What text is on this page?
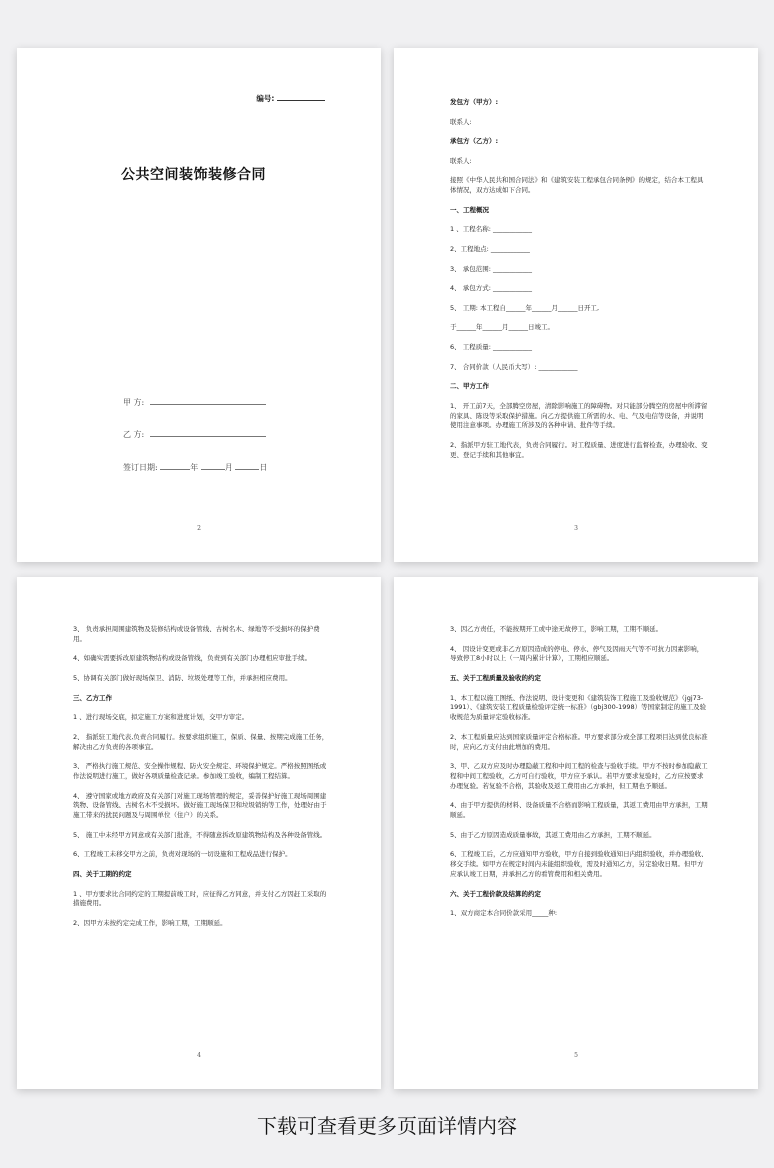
编号:
公共空间装饰装修合同
甲 方:
乙 方:
签订日期:	年	月	日
2

发包方（甲方）:

联系人:

承包方（乙方）:

联系人:

接照《中华人民共和国合同法》和《建筑安装工程承包合同条例》的规定，结合本工程具体情况，双方达成如下合同。

一、工程概况

1 、工程名称: ____________

2、工程地点: ____________

3、 承包范围: ____________

4、 承包方式: ____________

5、 工期: 本工程自______年______月______日开工,

于______年______月______日竣工。

6、 工程质量: ____________

7、 合同价款（人民币大写）: ____________

二、甲方工作

1、 开工前7天，全部腾空房屋，清除影响施工的障碍物。对只能部分腾空的房屋中所滞留的家具、陈设等采取保护措施。向乙方提供施工所需的水、电、气及电信等设备，并说明使用注意事项。办理施工所涉及的各种申请、批件等手续。

2、指派甲方驻工地代表，负责合同履行。对工程质量、进度进行监督检查，办理验收、变更、登记手续和其他事宜。

3

3、 负责承担周围建筑物及装修结构或设备管线、古树名木、绿地等不受损坏的保护费用。

4、如确实需要拆改原建筑物结构或设备管线，负责到有关部门办理相应审批手续。

5、协调有关部门做好现场保卫、消防、垃圾处理等工作，并承担相应费用。

三、乙方工作

1 、进行现场交底，拟定施工方案和进度计划，交甲方审定。

2、 指派驻工地代表,负责合同履行。按要求组织施工，保质、保量、按期完成施工任务，解决由乙方负责的各项事宜。

3、 严格执行施工规范、安全操作规程、防火安全规定、环境保护规定。严格按照图纸或作法说明进行施工，做好各项质量检查记录。参加竣工验收，编制工程结算。

4、 遵守国家或地方政府及有关部门对施工现场管理的规定，妥善保护好施工现场周围建筑物、设备管线、古树名木不受损坏。做好施工现场保卫和垃圾销纳等工作，处理好由于施工带来的扰民问题及与周围单位（住户）的关系。

5、 施工中未经甲方同意或有关部门批准，不得随意拆改原建筑物结构及各种设备管线。

6、工程竣工未移交甲方之前，负责对现场的一切设施和工程成品进行保护。

四、关于工期的约定

1 、甲方要求比合同约定的工期提前竣工时，应征得乙方同意，并支付乙方因赶工采取的措施费用。

2、因甲方未按约定完成工作，影响工期，工期顺延。

4

3、因乙方责任，不能按期开工或中途无故停工，影响工期，工期不顺延。

4、 因设计变更或非乙方原因造成的停电、停水、停气及因雨天气等不可抗力因素影响，导致停工8小时以上（一周内累计计算），工期相应顺延。

五、关于工程质量及验收的约定

1、本工程以施工图纸、作法说明、设计变更和《建筑装饰工程施工及验收规范》（jgj73-1991）、《建筑安装工程质量检验评定统一标准》（gbj300-1998）等国家制定的施工及验收规范为质量评定验收标准。

2、本工程质量应达到国家质量评定合格标准。甲方要求部分或全部工程项目达到优良标准时，应向乙方支付由此增加的费用。

3、甲、乙双方应及时办理隐蔽工程和中间工程的检查与验收手续。甲方不按时参加隐蔽工程和中间工程验收，乙方可自行验收，甲方应予承认。若甲方要求复验时，乙方应按要求办理复验。若复验不合格，其验收及返工费用由乙方承担，但工期也予顺延。

4、由于甲方提供的材料、设备质量不合格而影响工程质量，其返工费用由甲方承担，工期顺延。

5、由于乙方原因造成质量事故，其返工费用由乙方承担，工期不顺延。

6、工程竣工后，乙方应通知甲方验收，甲方自接到验收通知日内组织验收，并办理验收、移交手续。如甲方在规定时间内未能组织验收，需及时通知乙方，另定验收日期。但甲方应承认竣工日期，并承担乙方的看管费用和相关费用。

六、关于工程价款及结算的约定

1、双方商定本合同价款采用_____种:

5
下载可查看更多页面详情内容
